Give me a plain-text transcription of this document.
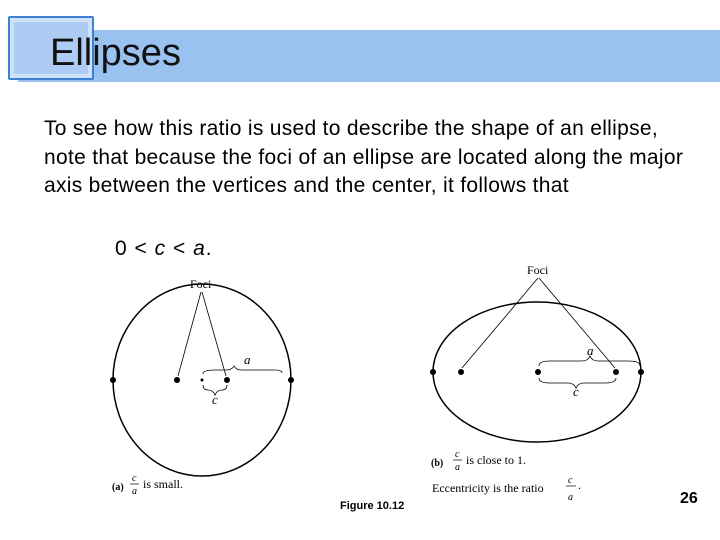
Ellipses
To see how this ratio is used to describe the shape of an ellipse, note that because the foci of an ellipse are located along the major axis between the vertices and the center, it follows that
0 < c < a.
Foci
a
c
(a)
c
a
is small.
Foci
a
c
(b)
c
a
is close to 1.
Eccentricity is the ratio
c
a
.
Figure 10.12	26
